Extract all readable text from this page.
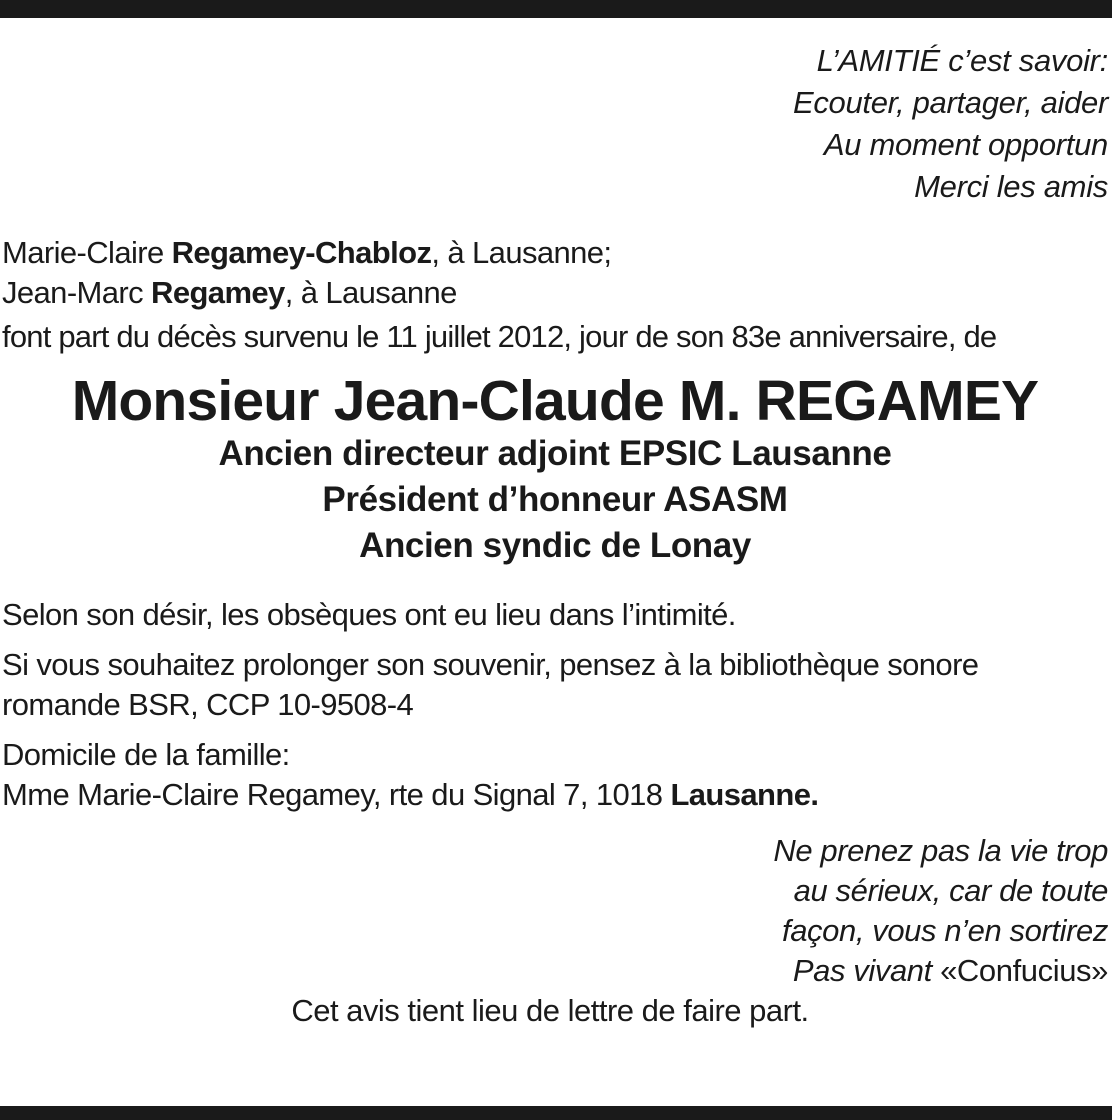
L’AMITIÉ c’est savoir:
Ecouter, partager, aider
Au moment opportun
Merci les amis
Marie-Claire Regamey-Chabloz, à Lausanne;
Jean-Marc Regamey, à Lausanne
font part du décès survenu le 11 juillet 2012, jour de son 83e anniversaire, de
Monsieur Jean-Claude M. REGAMEY
Ancien directeur adjoint EPSIC Lausanne
Président d’honneur ASASM
Ancien syndic de Lonay
Selon son désir, les obsèques ont eu lieu dans l’intimité.
Si vous souhaitez prolonger son souvenir, pensez à la bibliothèque sonore
romande BSR, CCP 10-9508-4
Domicile de la famille:
Mme Marie-Claire Regamey, rte du Signal 7, 1018 Lausanne.
Ne prenez pas la vie trop
au sérieux, car de toute
façon, vous n’en sortirez
Pas vivant «Confucius»
Cet avis tient lieu de lettre de faire part.
